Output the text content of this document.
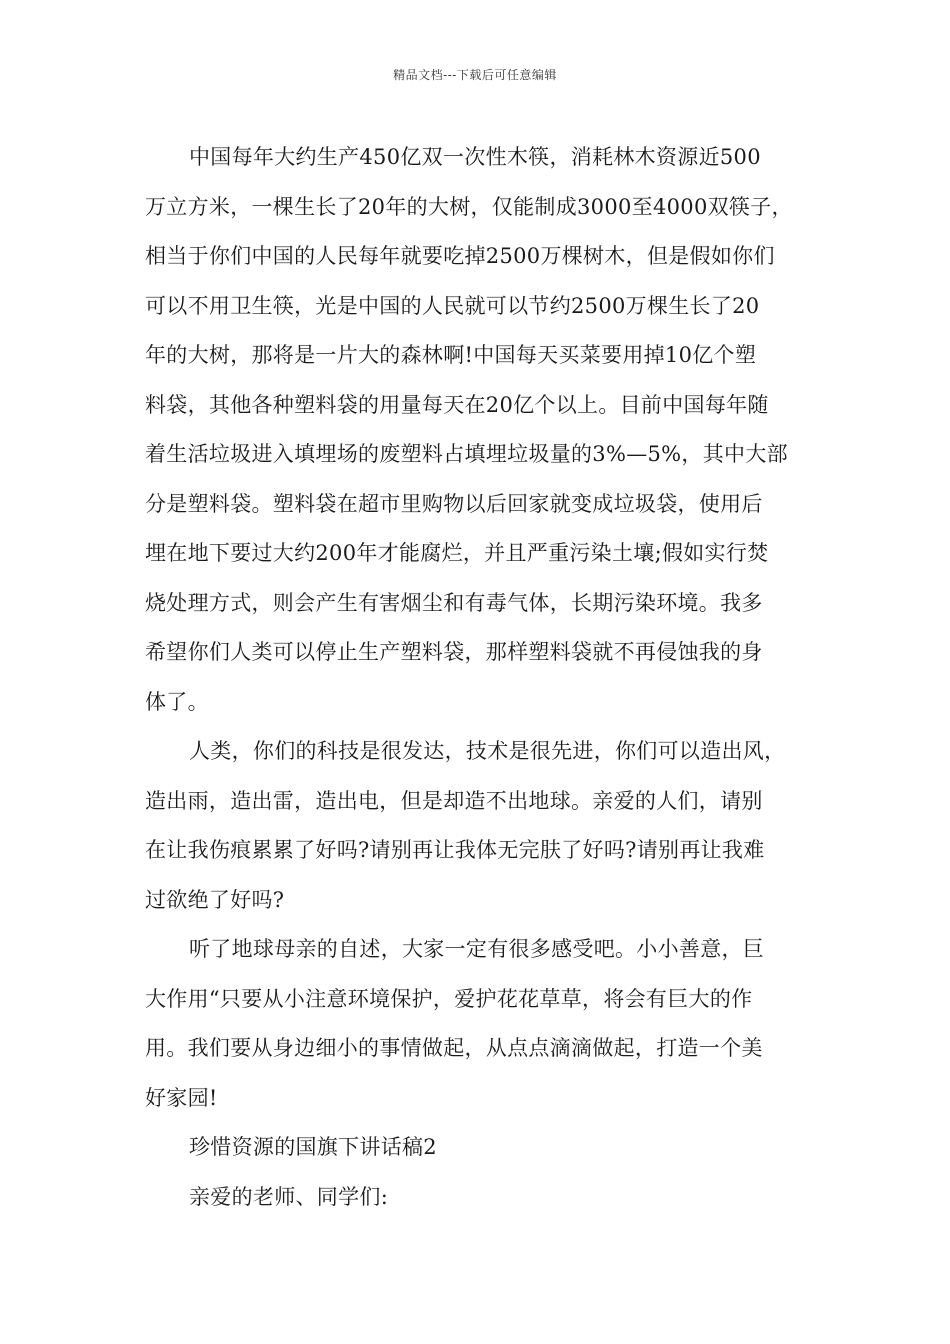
精品文档---下载后可任意编辑
中国每年大约生产450亿双一次性木筷，消耗林木资源近500
万立方米，一棵生长了20年的大树，仅能制成3000至4000双筷子，
相当于你们中国的人民每年就要吃掉2500万棵树木，但是假如你们
可以不用卫生筷，光是中国的人民就可以节约2500万棵生长了20
年的大树，那将是一片大的森林啊!中国每天买菜要用掉10亿个塑
料袋，其他各种塑料袋的用量每天在20亿个以上。目前中国每年随
着生活垃圾进入填埋场的废塑料占填埋垃圾量的3%—5%，其中大部
分是塑料袋。塑料袋在超市里购物以后回家就变成垃圾袋，使用后
埋在地下要过大约200年才能腐烂，并且严重污染土壤;假如实行焚
烧处理方式，则会产生有害烟尘和有毒气体，长期污染环境。我多
希望你们人类可以停止生产塑料袋，那样塑料袋就不再侵蚀我的身
体了。
人类，你们的科技是很发达，技术是很先进，你们可以造出风，
造出雨，造出雷，造出电，但是却造不出地球。亲爱的人们，请别
在让我伤痕累累了好吗?请别再让我体无完肤了好吗?请别再让我难
过欲绝了好吗?
听了地球母亲的自述，大家一定有很多感受吧。小小善意，巨
大作用“只要从小注意环境保护，爱护花花草草，将会有巨大的作
用。我们要从身边细小的事情做起，从点点滴滴做起，打造一个美
好家园!
珍惜资源的国旗下讲话稿2
亲爱的老师、同学们:
